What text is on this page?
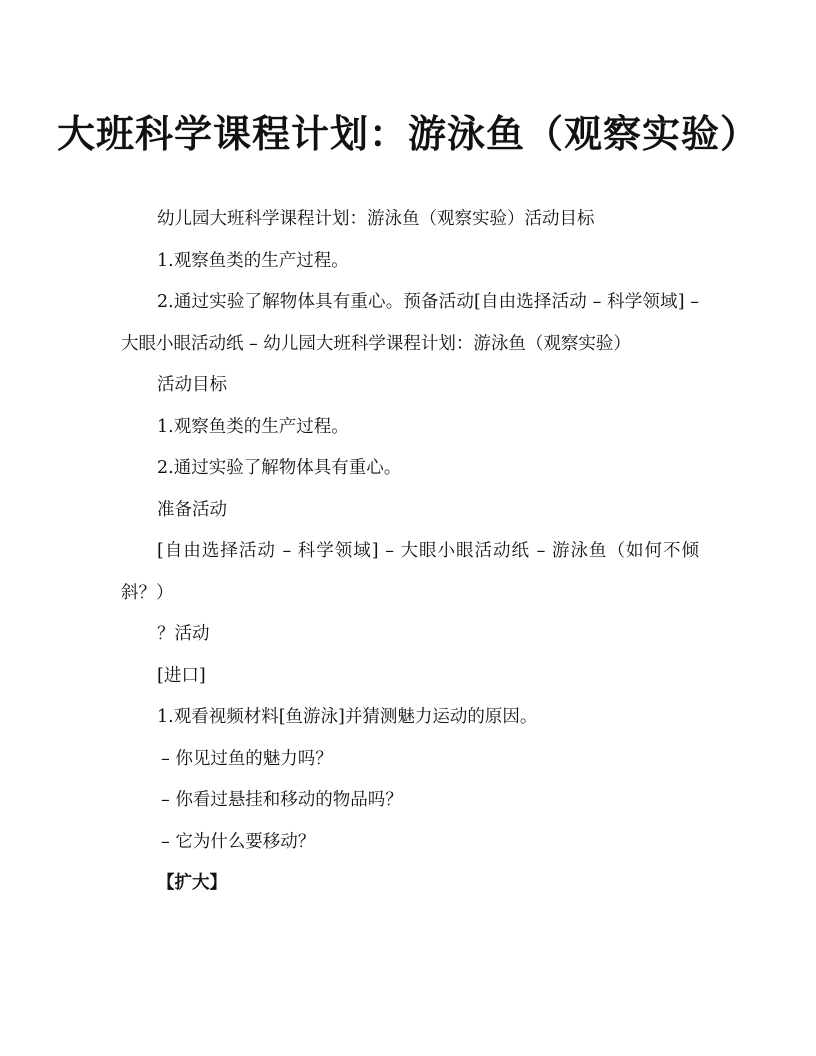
大班科学课程计划：游泳鱼（观察实验）

幼儿园大班科学课程计划：游泳鱼（观察实验）活动目标

1.观察鱼类的生产过程。

2.通过实验了解物体具有重心。预备活动[自由选择活动 – 科学领域] – 大眼小眼活动纸 – 幼儿园大班科学课程计划：游泳鱼（观察实验）

活动目标

1.观察鱼类的生产过程。

2.通过实验了解物体具有重心。

准备活动

[自由选择活动 – 科学领域] – 大眼小眼活动纸 – 游泳鱼（如何不倾斜？）

？活动

[进口]

1.观看视频材料[鱼游泳]并猜测魅力运动的原因。

– 你见过鱼的魅力吗？

– 你看过悬挂和移动的物品吗？

– 它为什么要移动？

【扩大】
